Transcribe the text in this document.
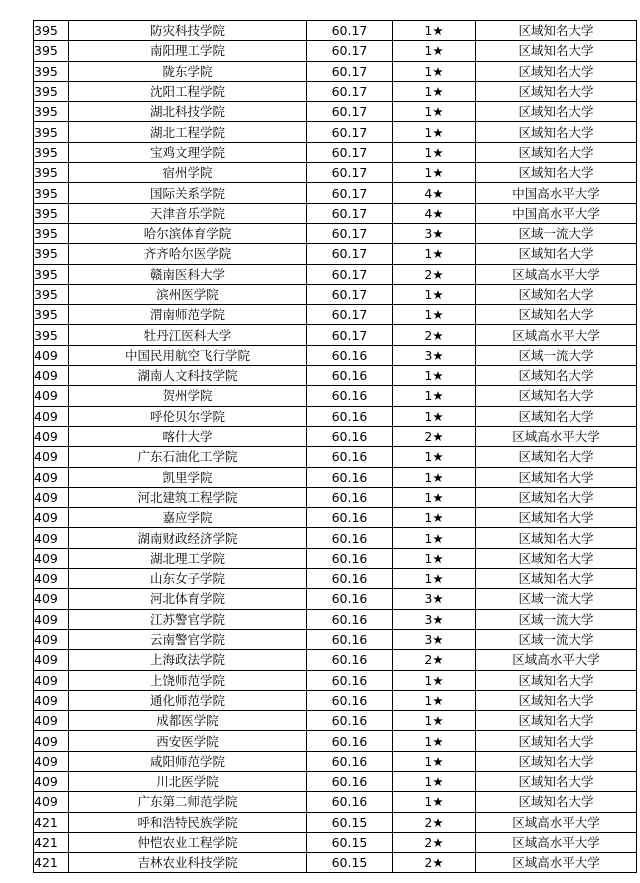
395	防灾科技学院	60.17	1★	区域知名大学
395	南阳理工学院	60.17	1★	区域知名大学
395	陇东学院	60.17	1★	区域知名大学
395	沈阳工程学院	60.17	1★	区域知名大学
395	湖北科技学院	60.17	1★	区域知名大学
395	湖北工程学院	60.17	1★	区域知名大学
395	宝鸡文理学院	60.17	1★	区域知名大学
395	宿州学院	60.17	1★	区域知名大学
395	国际关系学院	60.17	4★	中国高水平大学
395	天津音乐学院	60.17	4★	中国高水平大学
395	哈尔滨体育学院	60.17	3★	区域一流大学
395	齐齐哈尔医学院	60.17	1★	区域知名大学
395	赣南医科大学	60.17	2★	区域高水平大学
395	滨州医学院	60.17	1★	区域知名大学
395	渭南师范学院	60.17	1★	区域知名大学
395	牡丹江医科大学	60.17	2★	区域高水平大学
409	中国民用航空飞行学院	60.16	3★	区域一流大学
409	湖南人文科技学院	60.16	1★	区域知名大学
409	贺州学院	60.16	1★	区域知名大学
409	呼伦贝尔学院	60.16	1★	区域知名大学
409	喀什大学	60.16	2★	区域高水平大学
409	广东石油化工学院	60.16	1★	区域知名大学
409	凯里学院	60.16	1★	区域知名大学
409	河北建筑工程学院	60.16	1★	区域知名大学
409	嘉应学院	60.16	1★	区域知名大学
409	湖南财政经济学院	60.16	1★	区域知名大学
409	湖北理工学院	60.16	1★	区域知名大学
409	山东女子学院	60.16	1★	区域知名大学
409	河北体育学院	60.16	3★	区域一流大学
409	江苏警官学院	60.16	3★	区域一流大学
409	云南警官学院	60.16	3★	区域一流大学
409	上海政法学院	60.16	2★	区域高水平大学
409	上饶师范学院	60.16	1★	区域知名大学
409	通化师范学院	60.16	1★	区域知名大学
409	成都医学院	60.16	1★	区域知名大学
409	西安医学院	60.16	1★	区域知名大学
409	咸阳师范学院	60.16	1★	区域知名大学
409	川北医学院	60.16	1★	区域知名大学
409	广东第二师范学院	60.16	1★	区域知名大学
421	呼和浩特民族学院	60.15	2★	区域高水平大学
421	仲恺农业工程学院	60.15	2★	区域高水平大学
421	吉林农业科技学院	60.15	2★	区域高水平大学
